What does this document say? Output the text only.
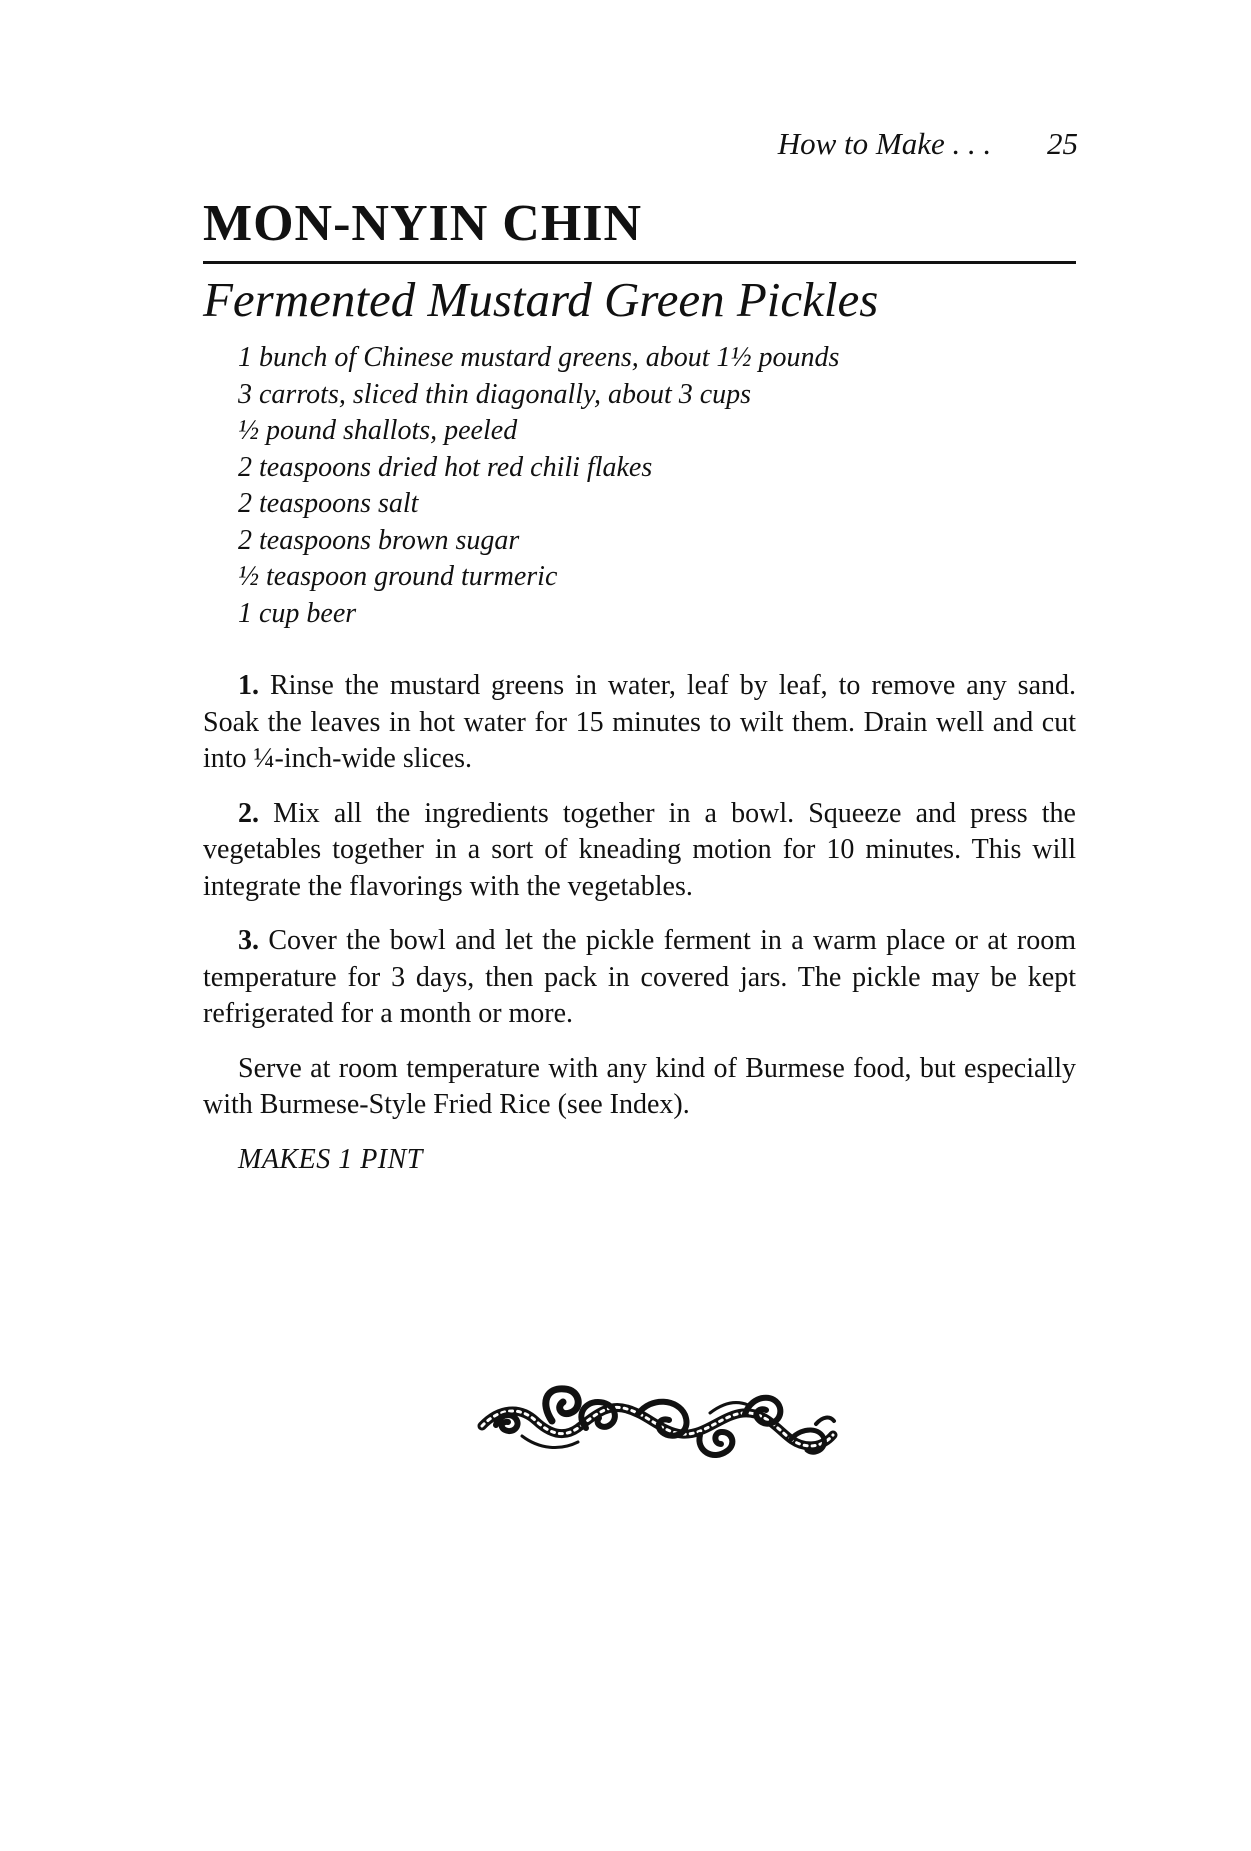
How to Make . . . 25
MON-NYIN CHIN
Fermented Mustard Green Pickles
1 bunch of Chinese mustard greens, about 1½ pounds
3 carrots, sliced thin diagonally, about 3 cups
½ pound shallots, peeled
2 teaspoons dried hot red chili flakes
2 teaspoons salt
2 teaspoons brown sugar
½ teaspoon ground turmeric
1 cup beer

1. Rinse the mustard greens in water, leaf by leaf, to remove any sand. Soak the leaves in hot water for 15 minutes to wilt them. Drain well and cut into ¼-inch-wide slices.

2. Mix all the ingredients together in a bowl. Squeeze and press the vegetables together in a sort of kneading motion for 10 minutes. This will integrate the flavorings with the vegetables.

3. Cover the bowl and let the pickle ferment in a warm place or at room temperature for 3 days, then pack in covered jars. The pickle may be kept refrigerated for a month or more.

Serve at room temperature with any kind of Burmese food, but especially with Burmese-Style Fried Rice (see Index).

MAKES 1 PINT
